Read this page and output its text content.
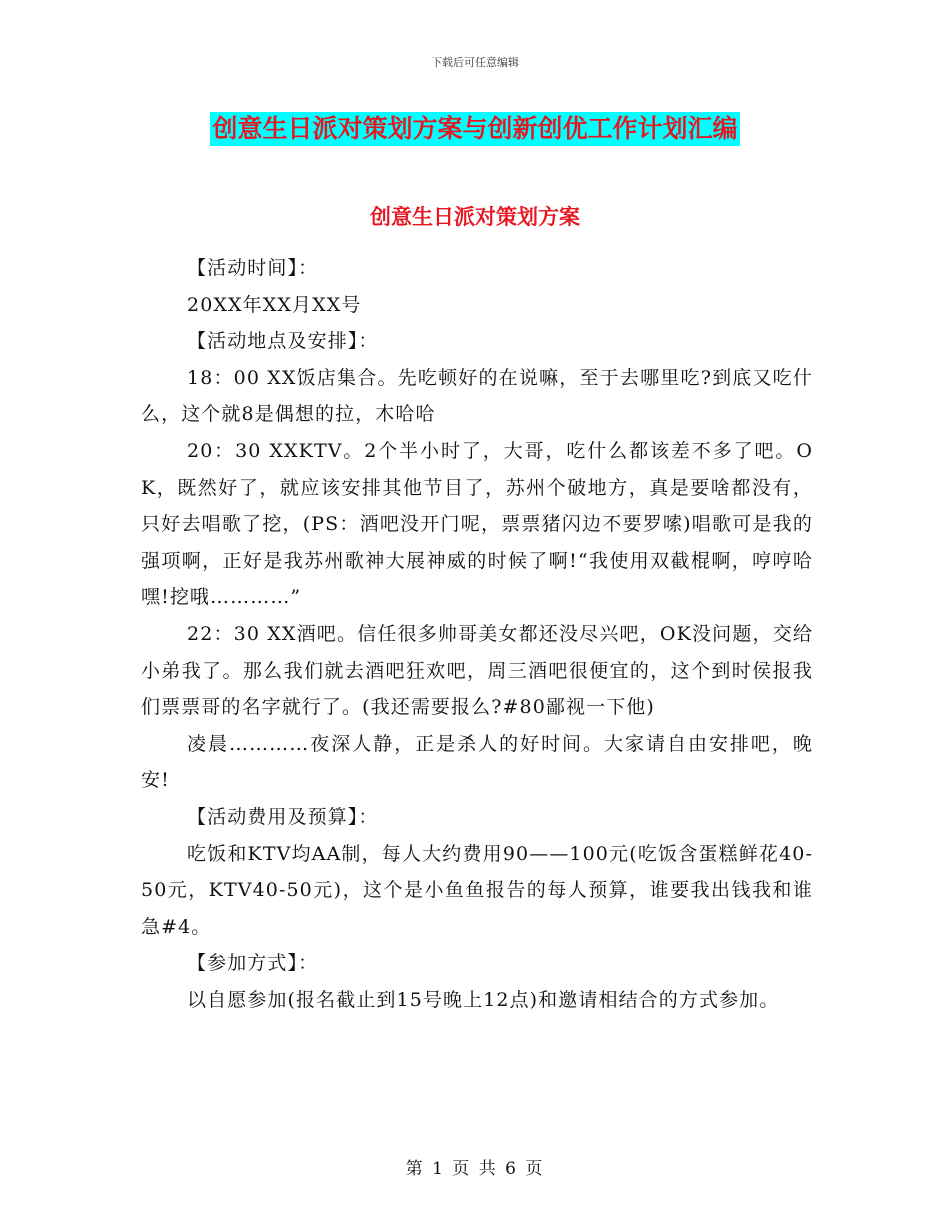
下载后可任意编辑
创意生日派对策划方案与创新创优工作计划汇编
创意生日派对策划方案

【活动时间】：

20XX年XX月XX号

【活动地点及安排】：

18：00 XX饭店集合。先吃顿好的在说嘛，至于去哪里吃?到底又吃什么，这个就8是偶想的拉，木哈哈

20：30 XXKTV。2个半小时了，大哥，吃什么都该差不多了吧。OK，既然好了，就应该安排其他节目了，苏州个破地方，真是要啥都没有，只好去唱歌了挖，(PS：酒吧没开门呢，票票猪闪边不要罗嗦)唱歌可是我的强项啊，正好是我苏州歌神大展神威的时候了啊!“我使用双截棍啊，哼哼哈嘿!挖哦…………”

22：30 XX酒吧。信任很多帅哥美女都还没尽兴吧，OK没问题，交给小弟我了。那么我们就去酒吧狂欢吧，周三酒吧很便宜的，这个到时侯报我们票票哥的名字就行了。(我还需要报么?#80鄙视一下他)

凌晨…………夜深人静，正是杀人的好时间。大家请自由安排吧，晚安!

【活动费用及预算】：

吃饭和KTV均AA制，每人大约费用90——100元(吃饭含蛋糕鲜花40-50元，KTV40-50元)，这个是小鱼鱼报告的每人预算，谁要我出钱我和谁急#4。

【参加方式】：

以自愿参加(报名截止到15号晚上12点)和邀请相结合的方式参加。

第 1 页 共 6 页
